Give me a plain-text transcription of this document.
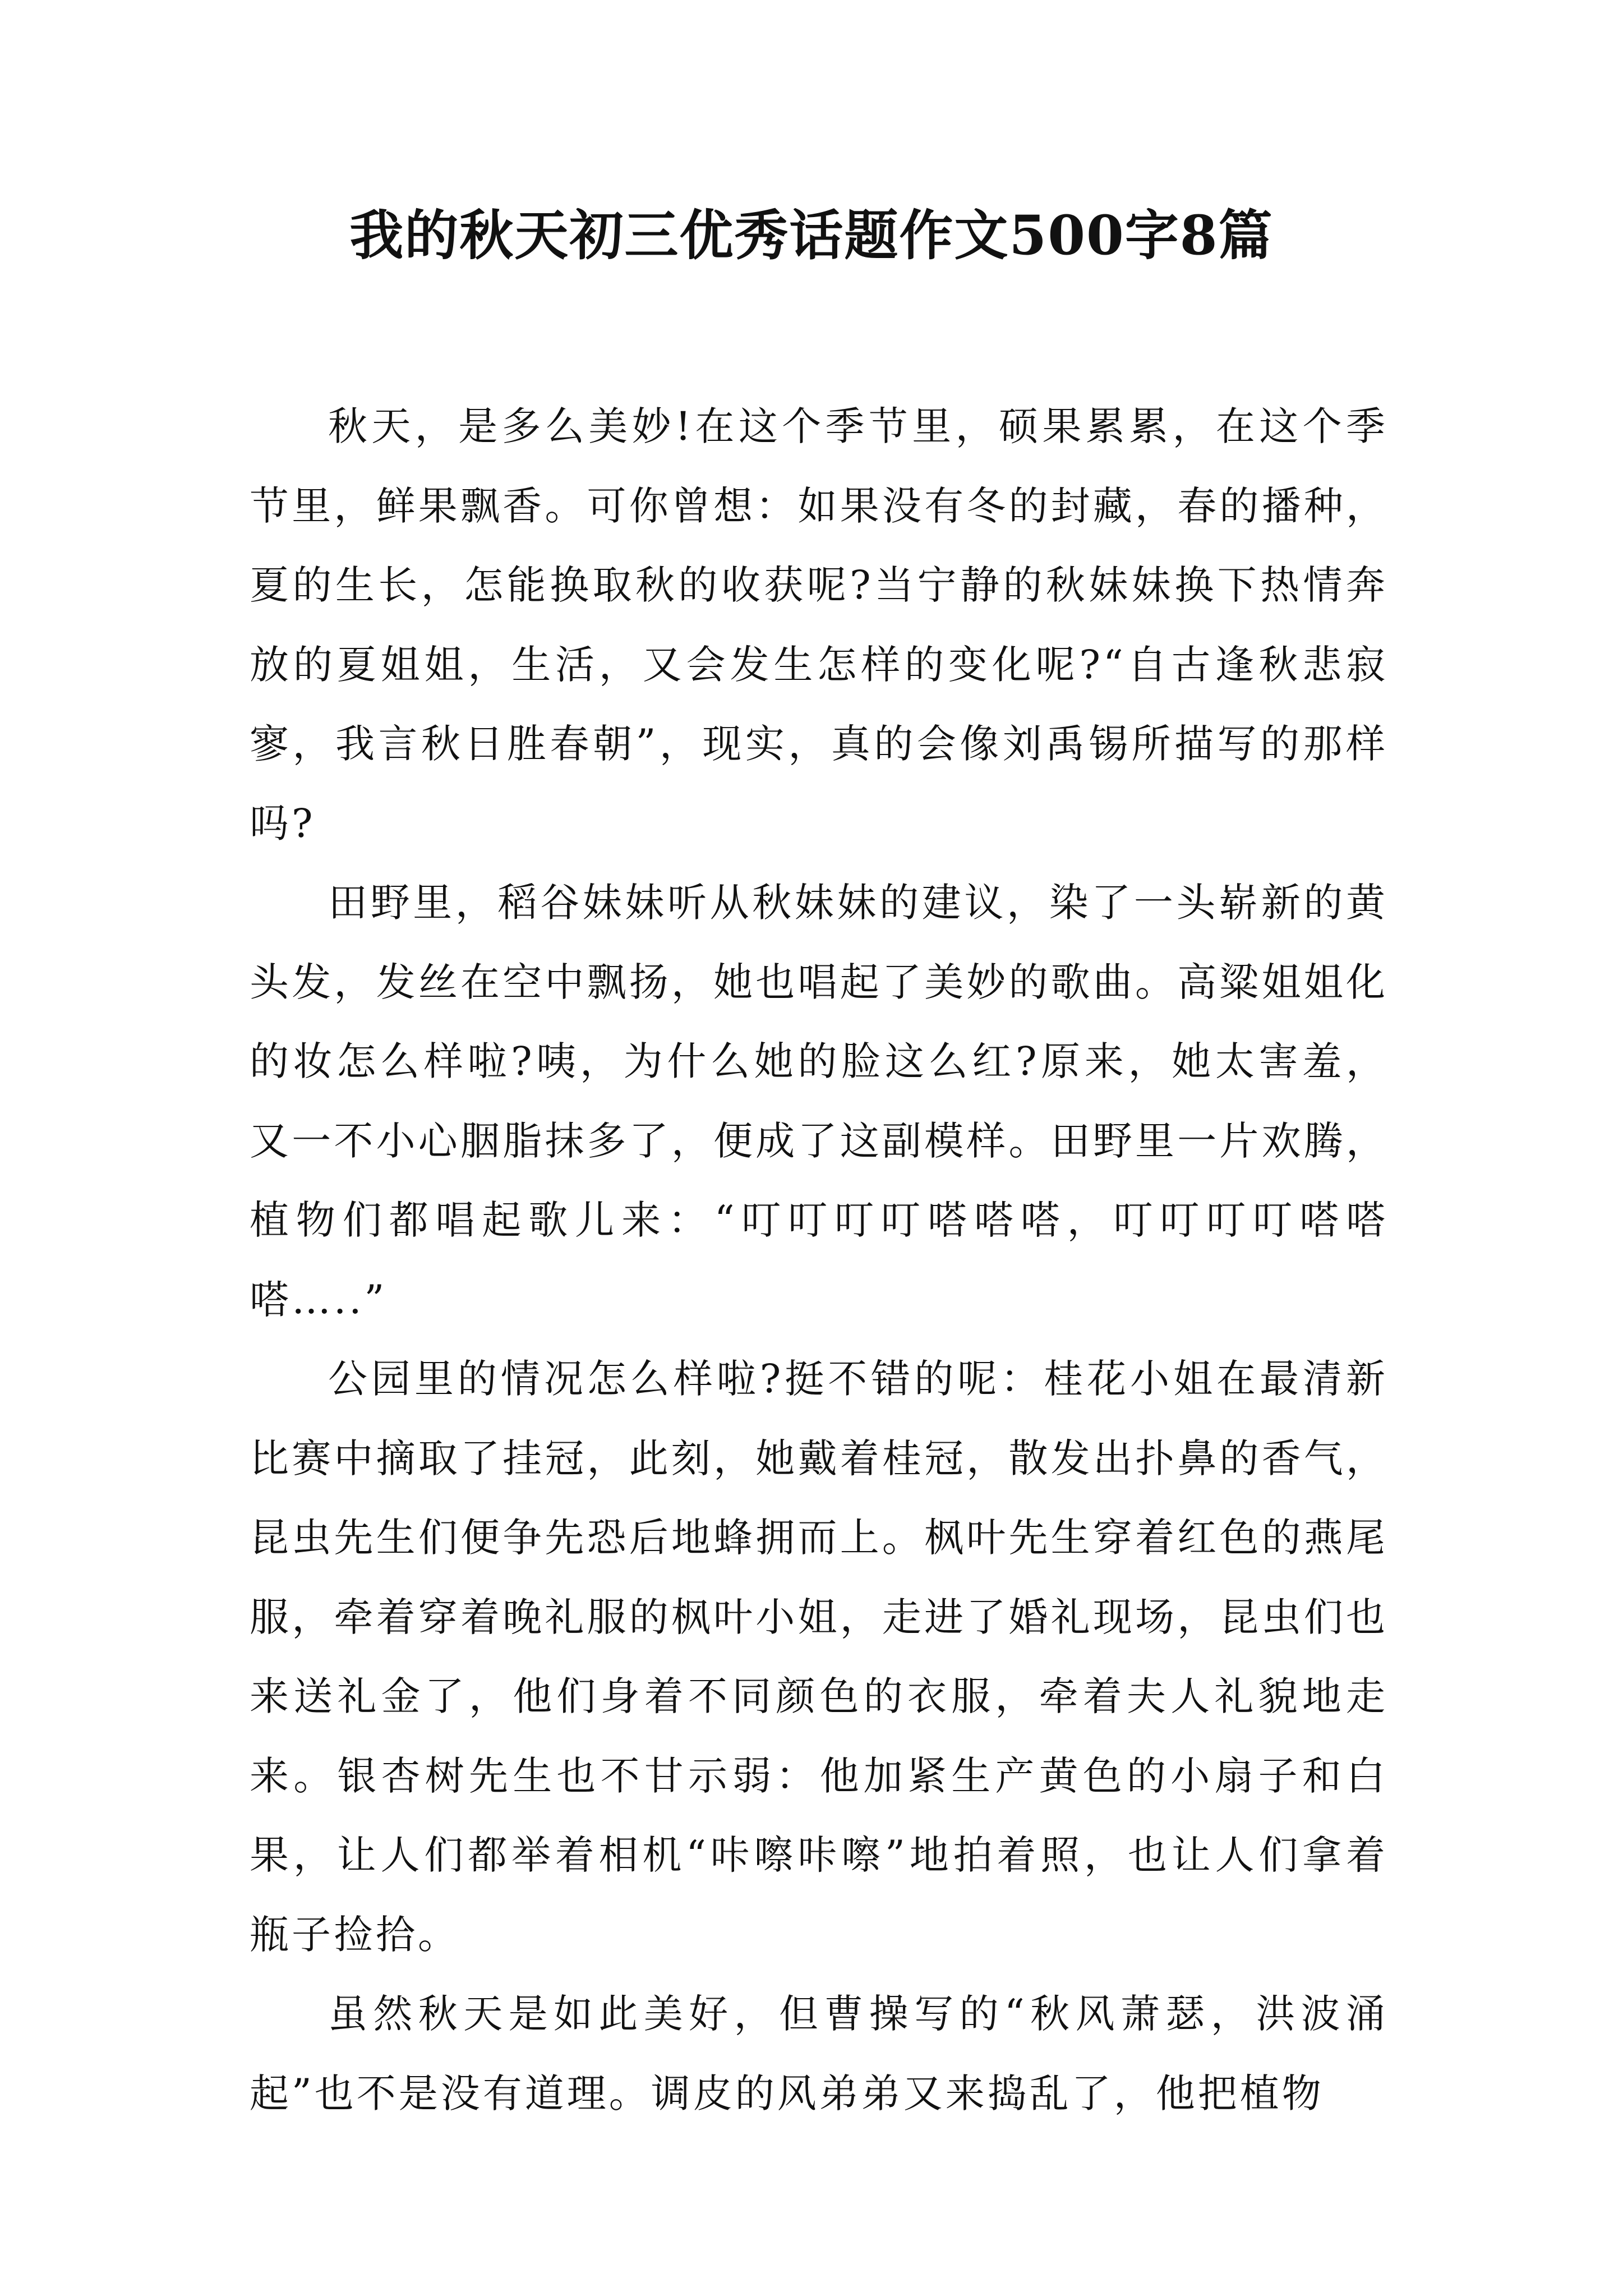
我的秋天初三优秀话题作文500字8篇

秋天，是多么美妙!在这个季节里，硕果累累，在这个季节里，鲜果飘香。可你曾想：如果没有冬的封藏，春的播种，夏的生长，怎能换取秋的收获呢?当宁静的秋妹妹换下热情奔放的夏姐姐，生活，又会发生怎样的变化呢?“自古逢秋悲寂寥，我言秋日胜春朝”，现实，真的会像刘禹锡所描写的那样吗?

田野里，稻谷妹妹听从秋妹妹的建议，染了一头崭新的黄头发，发丝在空中飘扬，她也唱起了美妙的歌曲。高粱姐姐化的妆怎么样啦?咦，为什么她的脸这么红?原来，她太害羞，又一不小心胭脂抹多了，便成了这副模样。田野里一片欢腾，植物们都唱起歌儿来：“叮叮叮叮嗒嗒嗒，叮叮叮叮嗒嗒嗒…..”

公园里的情况怎么样啦?挺不错的呢：桂花小姐在最清新比赛中摘取了挂冠，此刻，她戴着桂冠，散发出扑鼻的香气，昆虫先生们便争先恐后地蜂拥而上。枫叶先生穿着红色的燕尾服，牵着穿着晚礼服的枫叶小姐，走进了婚礼现场，昆虫们也来送礼金了，他们身着不同颜色的衣服，牵着夫人礼貌地走来。银杏树先生也不甘示弱：他加紧生产黄色的小扇子和白果，让人们都举着相机“咔嚓咔嚓”地拍着照，也让人们拿着瓶子捡拾。

虽然秋天是如此美好，但曹操写的“秋风萧瑟，洪波涌起”也不是没有道理。调皮的风弟弟又来捣乱了，他把植物
